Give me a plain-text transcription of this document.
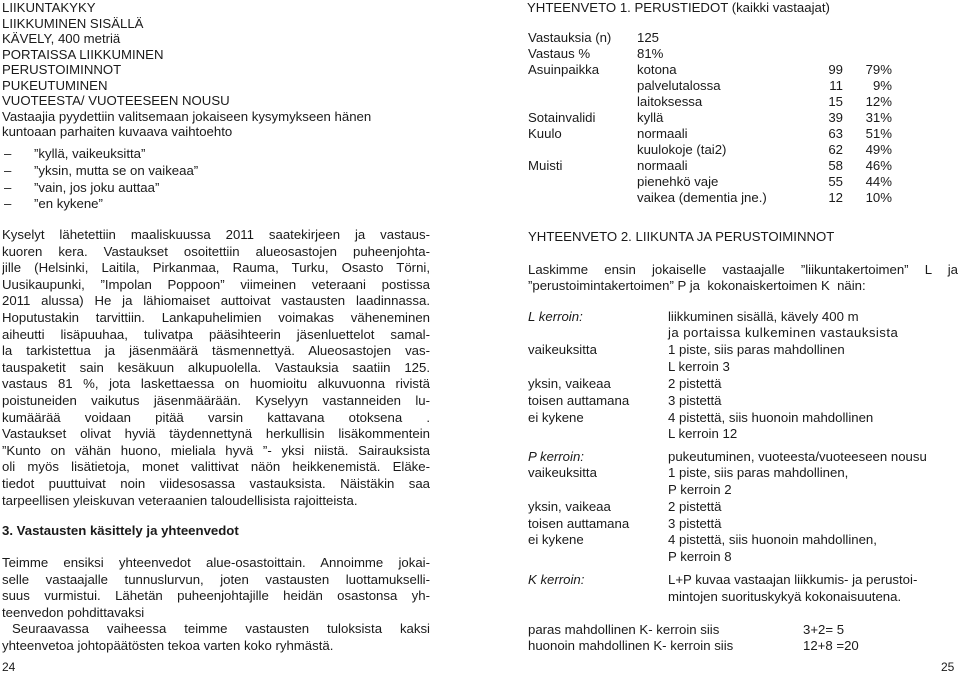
LIIKUNTAKYKY
LIIKKUMINEN SISÄLLÄ
KÄVELY, 400 metriä
PORTAISSA LIIKKUMINEN
PERUSTOIMINNOT
PUKEUTUMINEN
VUOTEESTA/ VUOTEESEEN NOUSU
Vastaajia pyydettiin valitsemaan jokaiseen kysymykseen hänen
kuntoaan parhaiten kuvaava vaihtoehto
– ”kyllä, vaikeuksitta”
– ”yksin, mutta se on vaikeaa”
– ”vain, jos joku auttaa”
– ”en kykene”
Kyselyt lähetettiin maaliskuussa 2011 saatekirjeen ja vastaus-
kuoren kera. Vastaukset osoitettiin alueosastojen puheenjohta-
jille (Helsinki, Laitila, Pirkanmaa, Rauma, Turku, Osasto Törni,
Uusikaupunki, ”Impolan Poppoon” viimeinen veteraani postissa
2011 alussa) He ja lähiomaiset auttoivat vastausten laadinnassa.
Hoputustakin tarvittiin. Lankapuhelimien voimakas väheneminen
aiheutti lisäpuuhaa, tulivatpa pääsihteerin jäsenluettelot samal-
la tarkistettua ja jäsenmäärä täsmennettyä. Alueosastojen vas-
tauspaketit sain kesäkuun alkupuolella. Vastauksia saatiin 125.
vastaus 81 %, jota laskettaessa on huomioitu alkuvuonna rivistä
poistuneiden vaikutus jäsenmäärään. Kyselyyn vastanneiden lu-
kumäärää voidaan pitää varsin kattavana otoksena .
Vastaukset olivat hyviä täydennettynä herkullisin lisäkommentein
”Kunto on vähän huono, mieliala hyvä ”- yksi niistä. Sairauksista
oli myös lisätietoja, monet valittivat näön heikkenemistä. Eläke-
tiedot puuttuivat noin viidesosassa vastauksista. Näistäkin saa
tarpeellisen yleiskuvan veteraanien taloudellisista rajoitteista.
3. Vastausten käsittely ja yhteenvedot
Teimme ensiksi yhteenvedot alue-osastoittain. Annoimme jokai-
selle vastaajalle tunnuslurvun, joten vastausten luottamukselli-
suus vurmistui. Lähetän puheenjohtajille heidän osastonsa yh-
teenvedon pohdittavaksi
Seuraavassa vaiheessa teimme vastausten tuloksista kaksi
yhteenvetoa johtopäätösten tekoa varten koko ryhmästä.
24
YHTEENVETO 1. PERUSTIEDOT (kaikki vastaajat)
Vastauksia (n) 125
Vastaus %	81%
Asuinpaikka	kotona	99	79%
palvelutalossa	11	9%
laitoksessa	15	12%
Sotainvalidi	kyllä	39	31%
Kuulo	normaali	63	51%
kuulokoje (tai2)	62	49%
Muisti	normaali	58	46%
pienehkö vaje	55	44%
vaikea (dementia jne.)	12	10%
YHTEENVETO 2. LIIKUNTA JA PERUSTOIMINNOT
Laskimme ensin jokaiselle vastaajalle ”liikuntakertoimen” L ja
”perustoimintakertoimen” P ja  kokonaiskertoimen K  näin:
L kerroin:	liikkuminen sisällä, kävely 400 m
ja portaissa kulkeminen vastauksista
vaikeuksitta	1 piste, siis paras mahdollinen
L kerroin 3
yksin, vaikeaa	2 pistettä
toisen auttamana	3 pistettä
ei kykene	4 pistettä, siis huonoin mahdollinen
L kerroin 12
P kerroin:	pukeutuminen, vuoteesta/vuoteeseen nousu
vaikeuksitta	1 piste, siis paras mahdollinen,
P kerroin 2
yksin, vaikeaa	2 pistettä
toisen auttamana	3 pistettä
ei kykene	4 pistettä, siis huonoin mahdollinen,
P kerroin 8
K kerroin:	L+P kuvaa vastaajan liikkumis- ja perustoi-
mintojen suorituskykyä kokonaisuutena.
paras mahdollinen K- kerroin siis	3+2= 5
huonoin mahdollinen K- kerroin siis	12+8 =20
25
